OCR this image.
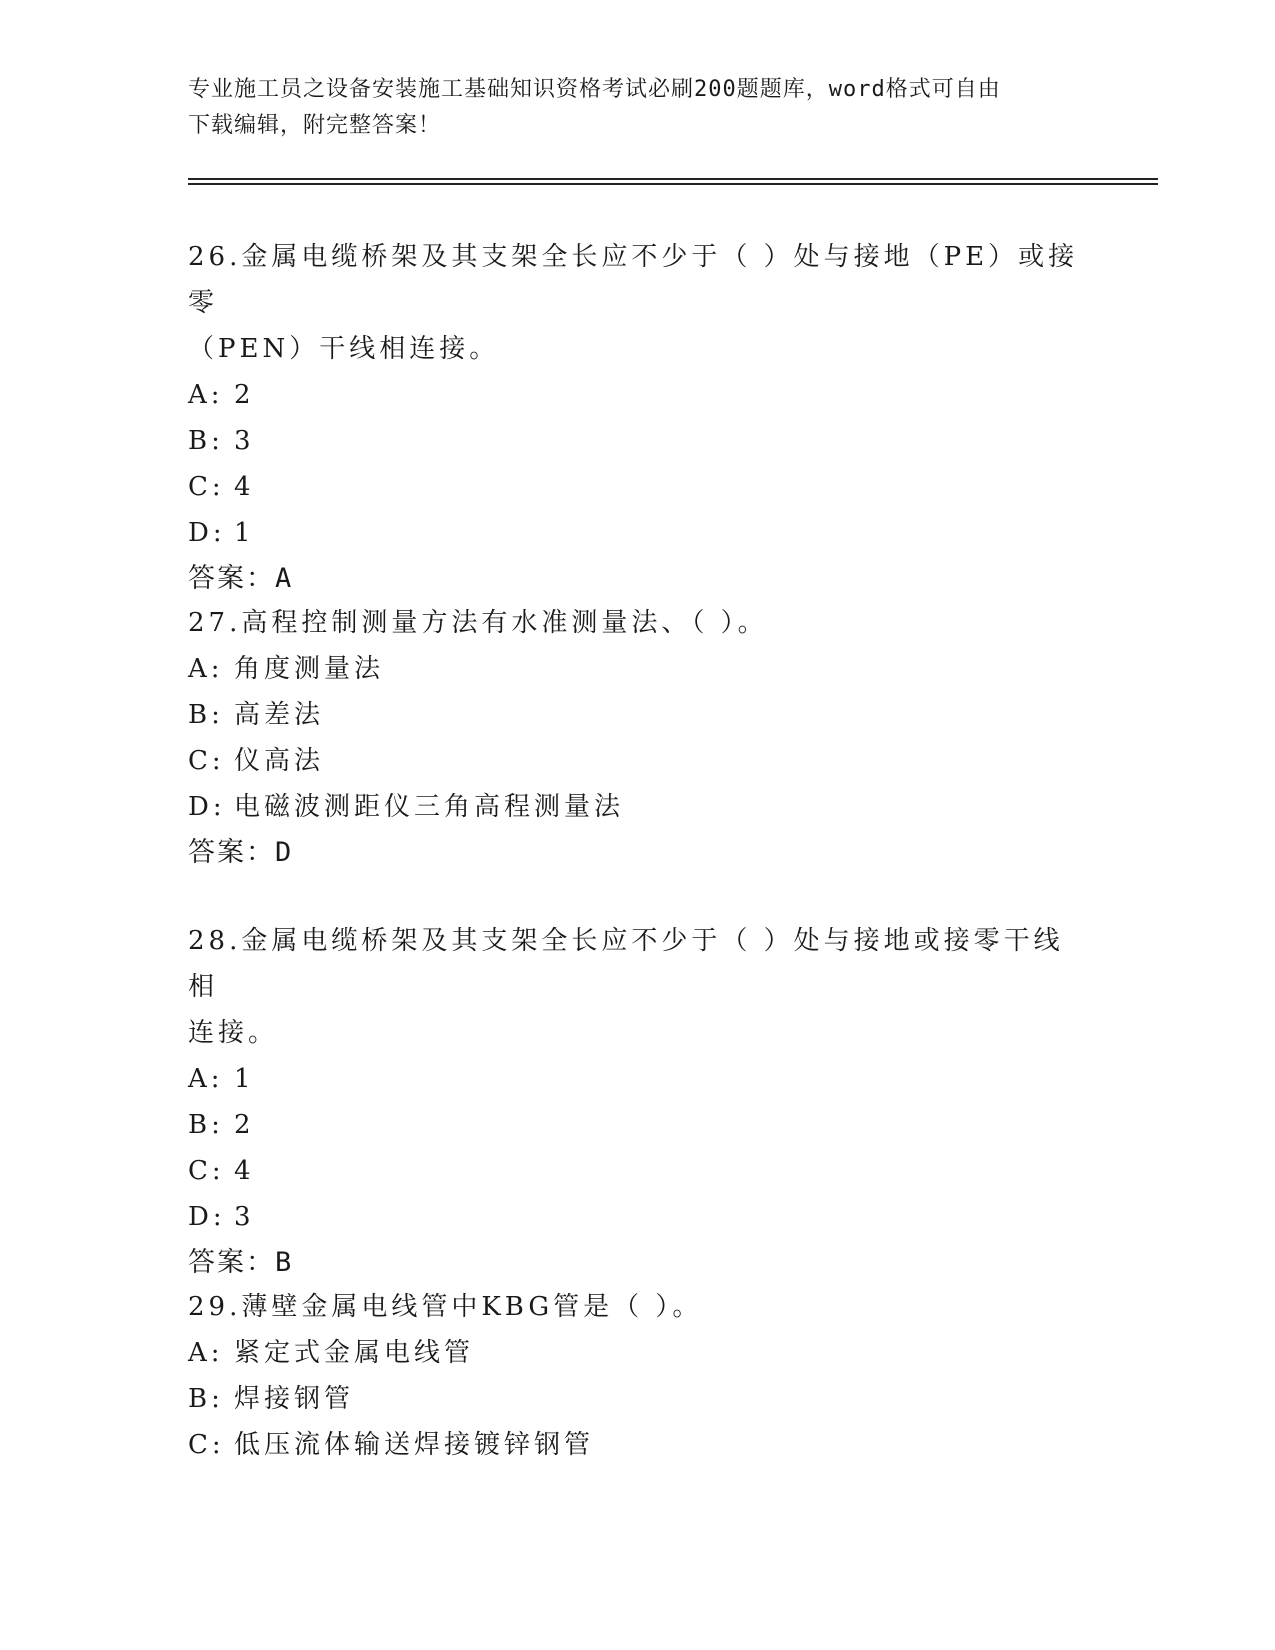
专业施工员之设备安装施工基础知识资格考试必刷200题题库，word格式可自由
下载编辑，附完整答案！

26.金属电缆桥架及其支架全长应不少于（ ）处与接地（PE）或接零
（PEN）干线相连接。

A: 2

B: 3

C: 4

D: 1

答案：A

27.高程控制测量方法有水准测量法、（ ）。

A: 角度测量法

B: 高差法

C: 仪高法

D: 电磁波测距仪三角高程测量法

答案：D

28.金属电缆桥架及其支架全长应不少于（ ）处与接地或接零干线相
连接。

A: 1

B: 2

C: 4

D: 3

答案：B

29.薄壁金属电线管中KBG管是（ ）。

A: 紧定式金属电线管

B: 焊接钢管

C: 低压流体输送焊接镀锌钢管
